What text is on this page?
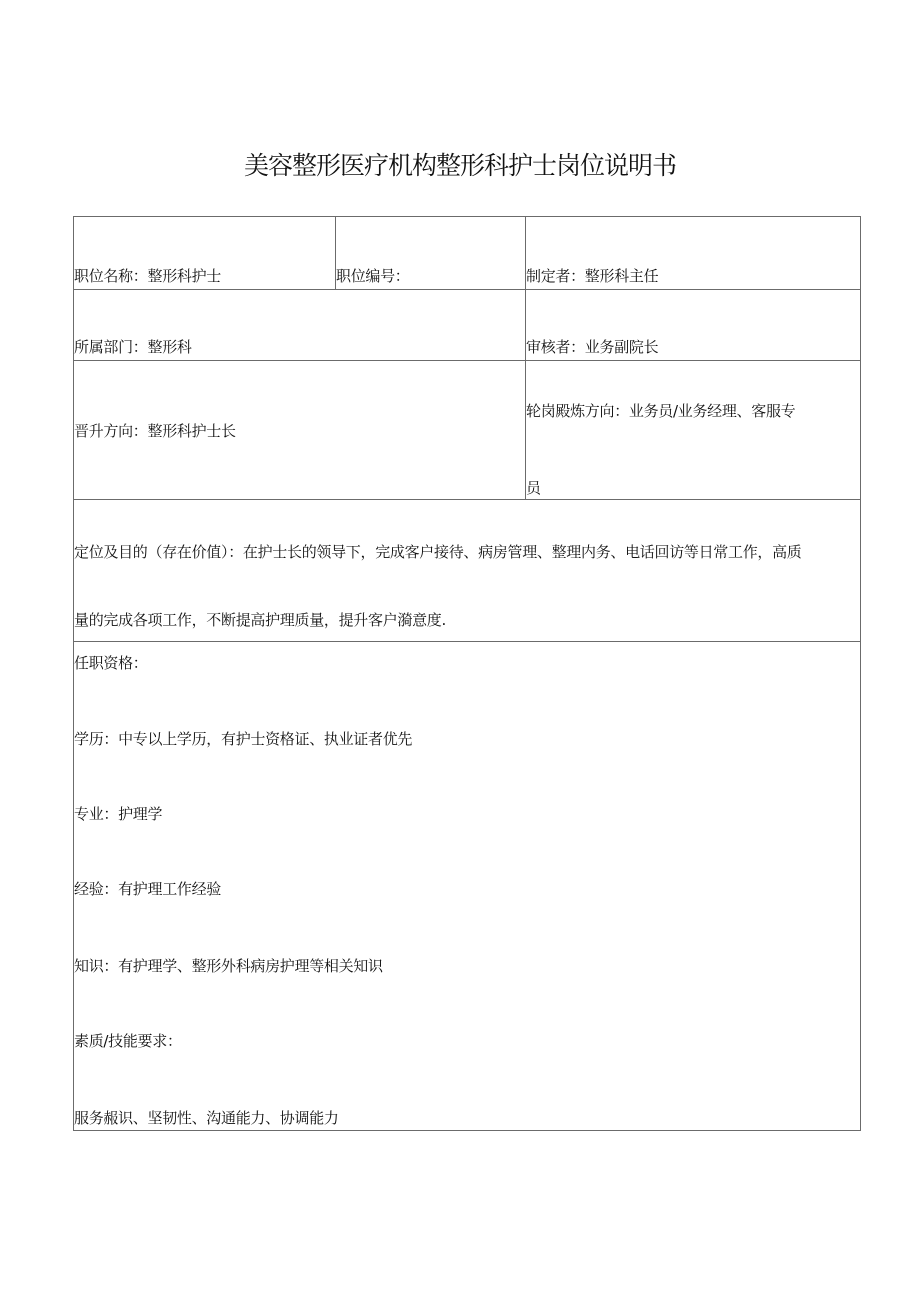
美容整形医疗机构整形科护士岗位说明书
职位名称：整形科护士	职位编号：	制定者：整形科主任
所属部门：整形科	审核者：业务副院长
晋升方向：整形科护士长
轮岗殿炼方向：业务员/业务经理、客服专
员
定位及目的（存在价值）：在护士长的领导下，完成客户接待、病房管理、整理内务、电话回访等日常工作，高质
量的完成各项工作，不断提高护理质量，提升客户漪意度.
任职资格：
学历：中专以上学历，有护士资格证、执业证者优先
专业：护理学
经验：有护理工作经验
知识：有护理学、整形外科病房护理等相关知识
素质/技能要求：
服务赧识、坚韧性、沟通能力、协调能力
